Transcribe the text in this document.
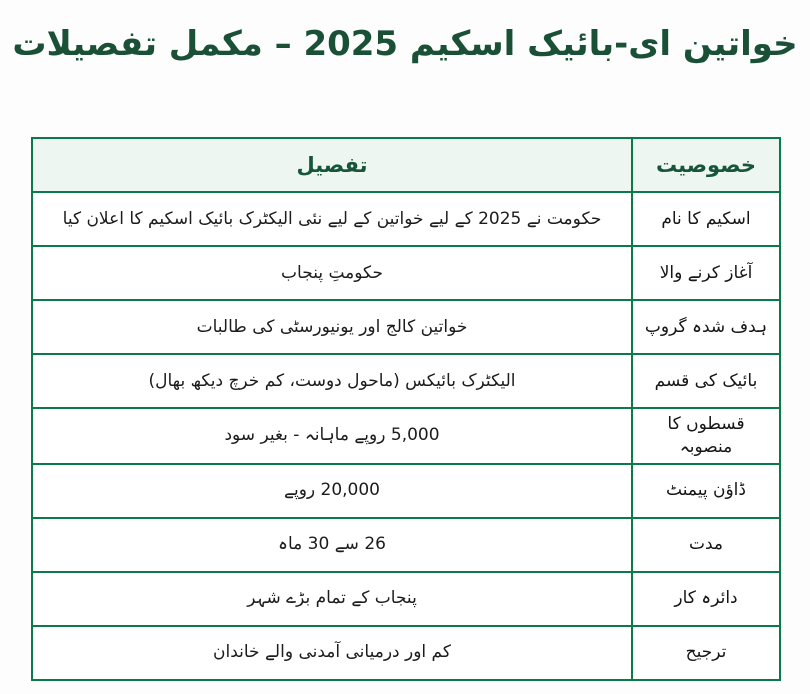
خواتین ای-بائیک اسکیم 2025 – مکمل تفصیلات
خصوصیت	تفصیل
اسکیم کا نام	حکومت نے 2025 کے لیے خواتین کے لیے نئی الیکٹرک بائیک اسکیم کا اعلان کیا
آغاز کرنے والا	حکومتِ پنجاب
ہدف شدہ گروپ	خواتین کالج اور یونیورسٹی کی طالبات
بائیک کی قسم	الیکٹرک بائیکس (ماحول دوست، کم خرچ دیکھ بھال)
قسطوں کا منصوبہ	5,000 روپے ماہانہ - بغیر سود
ڈاؤن پیمنٹ	20,000 روپے
مدت	26 سے 30 ماہ
دائرہ کار	پنجاب کے تمام بڑے شہر
ترجیح	کم اور درمیانی آمدنی والے خاندان
